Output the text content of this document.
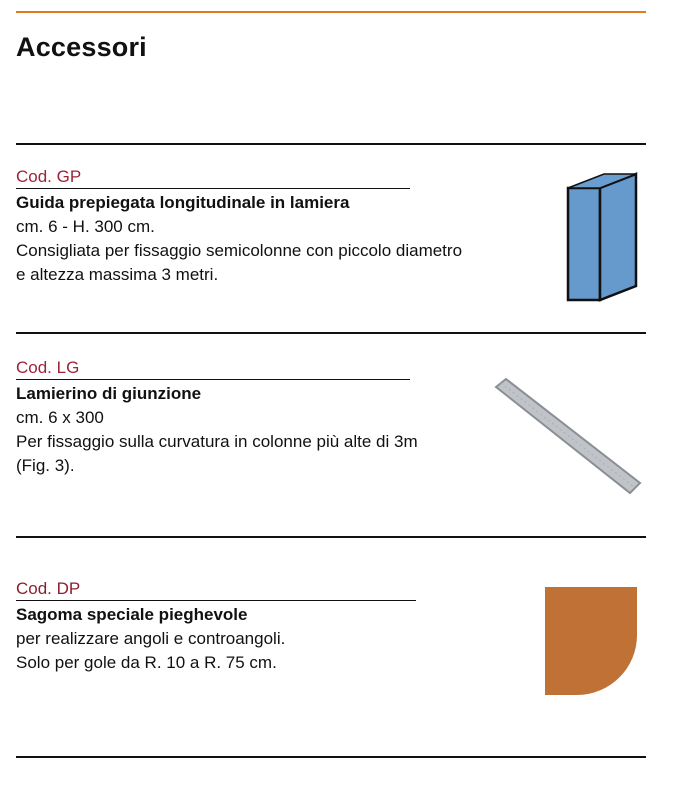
Accessori
Cod. GP
Guida prepiegata longitudinale in lamiera
cm. 6 - H. 300 cm.
Consigliata per fissaggio semicolonne con piccolo diametro
e altezza massima 3 metri.
Cod. LG
Lamierino di giunzione
cm. 6 x 300
Per fissaggio sulla curvatura in colonne più alte di 3m
(Fig. 3).
Cod. DP
Sagoma speciale pieghevole
per realizzare angoli e controangoli.
Solo per gole da R. 10 a R. 75 cm.
